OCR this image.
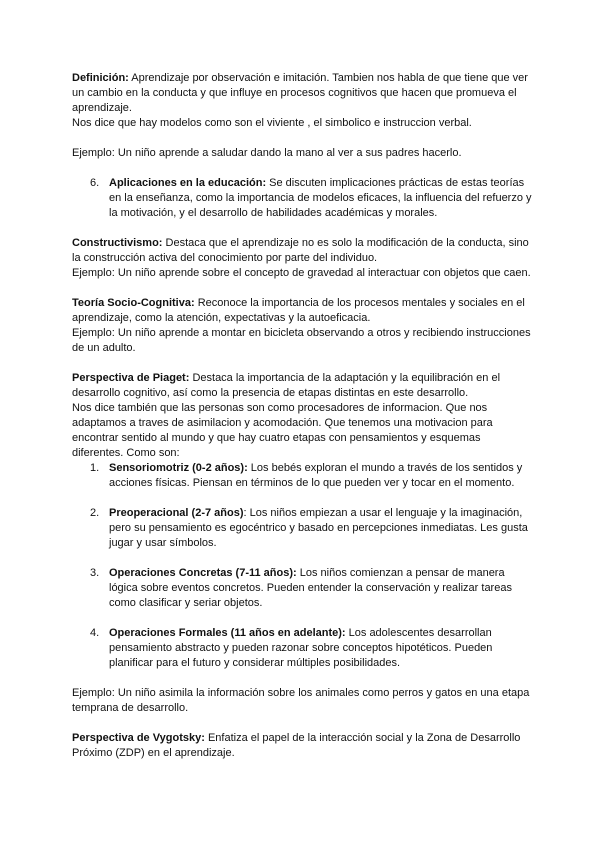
Definición: Aprendizaje por observación e imitación. Tambien nos habla de que tiene que ver un cambio en la conducta y que influye en procesos cognitivos que hacen que promueva el aprendizaje.

Nos dice que hay modelos como son el viviente , el simbolico e instruccion verbal.

Ejemplo: Un niño aprende a saludar dando la mano al ver a sus padres hacerlo.

6. Aplicaciones en la educación: Se discuten implicaciones prácticas de estas teorías en la enseñanza, como la importancia de modelos eficaces, la influencia del refuerzo y la motivación, y el desarrollo de habilidades académicas y morales.

Constructivismo: Destaca que el aprendizaje no es solo la modificación de la conducta, sino la construcción activa del conocimiento por parte del individuo.

Ejemplo: Un niño aprende sobre el concepto de gravedad al interactuar con objetos que caen.

Teoría Socio-Cognitiva: Reconoce la importancia de los procesos mentales y sociales en el aprendizaje, como la atención, expectativas y la autoeficacia.

Ejemplo: Un niño aprende a montar en bicicleta observando a otros y recibiendo instrucciones de un adulto.

Perspectiva de Piaget: Destaca la importancia de la adaptación y la equilibración en el desarrollo cognitivo, así como la presencia de etapas distintas en este desarrollo.

Nos dice también que las personas son como procesadores de informacion. Que nos adaptamos a traves de asimilacion y acomodación. Que tenemos una motivacion para encontrar sentido al mundo y que hay cuatro etapas con pensamientos y esquemas diferentes. Como son:

1. Sensoriomotriz (0-2 años): Los bebés exploran el mundo a través de los sentidos y acciones físicas. Piensan en términos de lo que pueden ver y tocar en el momento.

2. Preoperacional (2-7 años): Los niños empiezan a usar el lenguaje y la imaginación, pero su pensamiento es egocéntrico y basado en percepciones inmediatas. Les gusta jugar y usar símbolos.

3. Operaciones Concretas (7-11 años): Los niños comienzan a pensar de manera lógica sobre eventos concretos. Pueden entender la conservación y realizar tareas como clasificar y seriar objetos.

4. Operaciones Formales (11 años en adelante): Los adolescentes desarrollan pensamiento abstracto y pueden razonar sobre conceptos hipotéticos. Pueden planificar para el futuro y considerar múltiples posibilidades.

Ejemplo: Un niño asimila la información sobre los animales como perros y gatos en una etapa temprana de desarrollo.

Perspectiva de Vygotsky: Enfatiza el papel de la interacción social y la Zona de Desarrollo Próximo (ZDP) en el aprendizaje.
